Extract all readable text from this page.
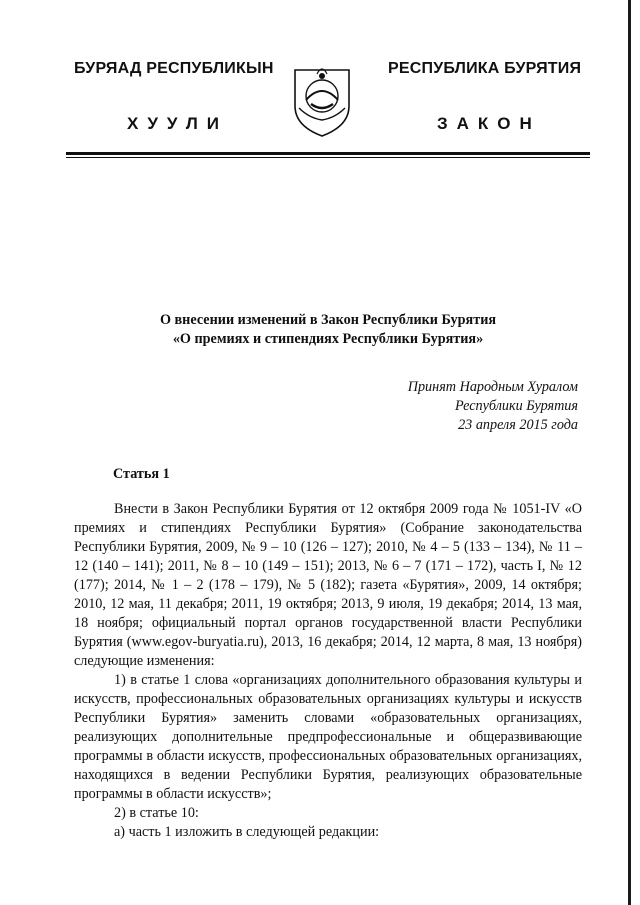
БУРЯАД РЕСПУБЛИКЫН	РЕСПУБЛИКА БУРЯТИЯ
ХУУЛИ	ЗАКОН
О внесении изменений в Закон Республики Бурятия
«О премиях и стипендиях Республики Бурятия»
Принят Народным Хуралом
Республики Бурятия
23 апреля 2015 года
Статья 1

Внести в Закон Республики Бурятия от 12 октября 2009 года № 1051-IV «О премиях и стипендиях Республики Бурятия» (Собрание законодательства Республики Бурятия, 2009, № 9 – 10 (126 – 127); 2010, № 4 – 5 (133 – 134), № 11 – 12 (140 – 141); 2011, № 8 – 10 (149 – 151); 2013, № 6 – 7 (171 – 172), часть I, № 12 (177); 2014, № 1 – 2 (178 – 179), № 5 (182); газета «Бурятия», 2009, 14 октября; 2010, 12 мая, 11 декабря; 2011, 19 октября; 2013, 9 июля, 19 декабря; 2014, 13 мая, 18 ноября; официальный портал органов государственной власти Республики Бурятия (www.egov-buryatia.ru), 2013, 16 декабря; 2014, 12 марта, 8 мая, 13 ноября) следующие изменения:

1) в статье 1 слова «организациях дополнительного образования культуры и искусств, профессиональных образовательных организациях культуры и искусств Республики Бурятия» заменить словами «образовательных организациях, реализующих дополнительные предпрофессиональные и общеразвивающие программы в области искусств, профессиональных образовательных организациях, находящихся в ведении Республики Бурятия, реализующих образовательные программы в области искусств»;

2) в статье 10:

а) часть 1 изложить в следующей редакции:
